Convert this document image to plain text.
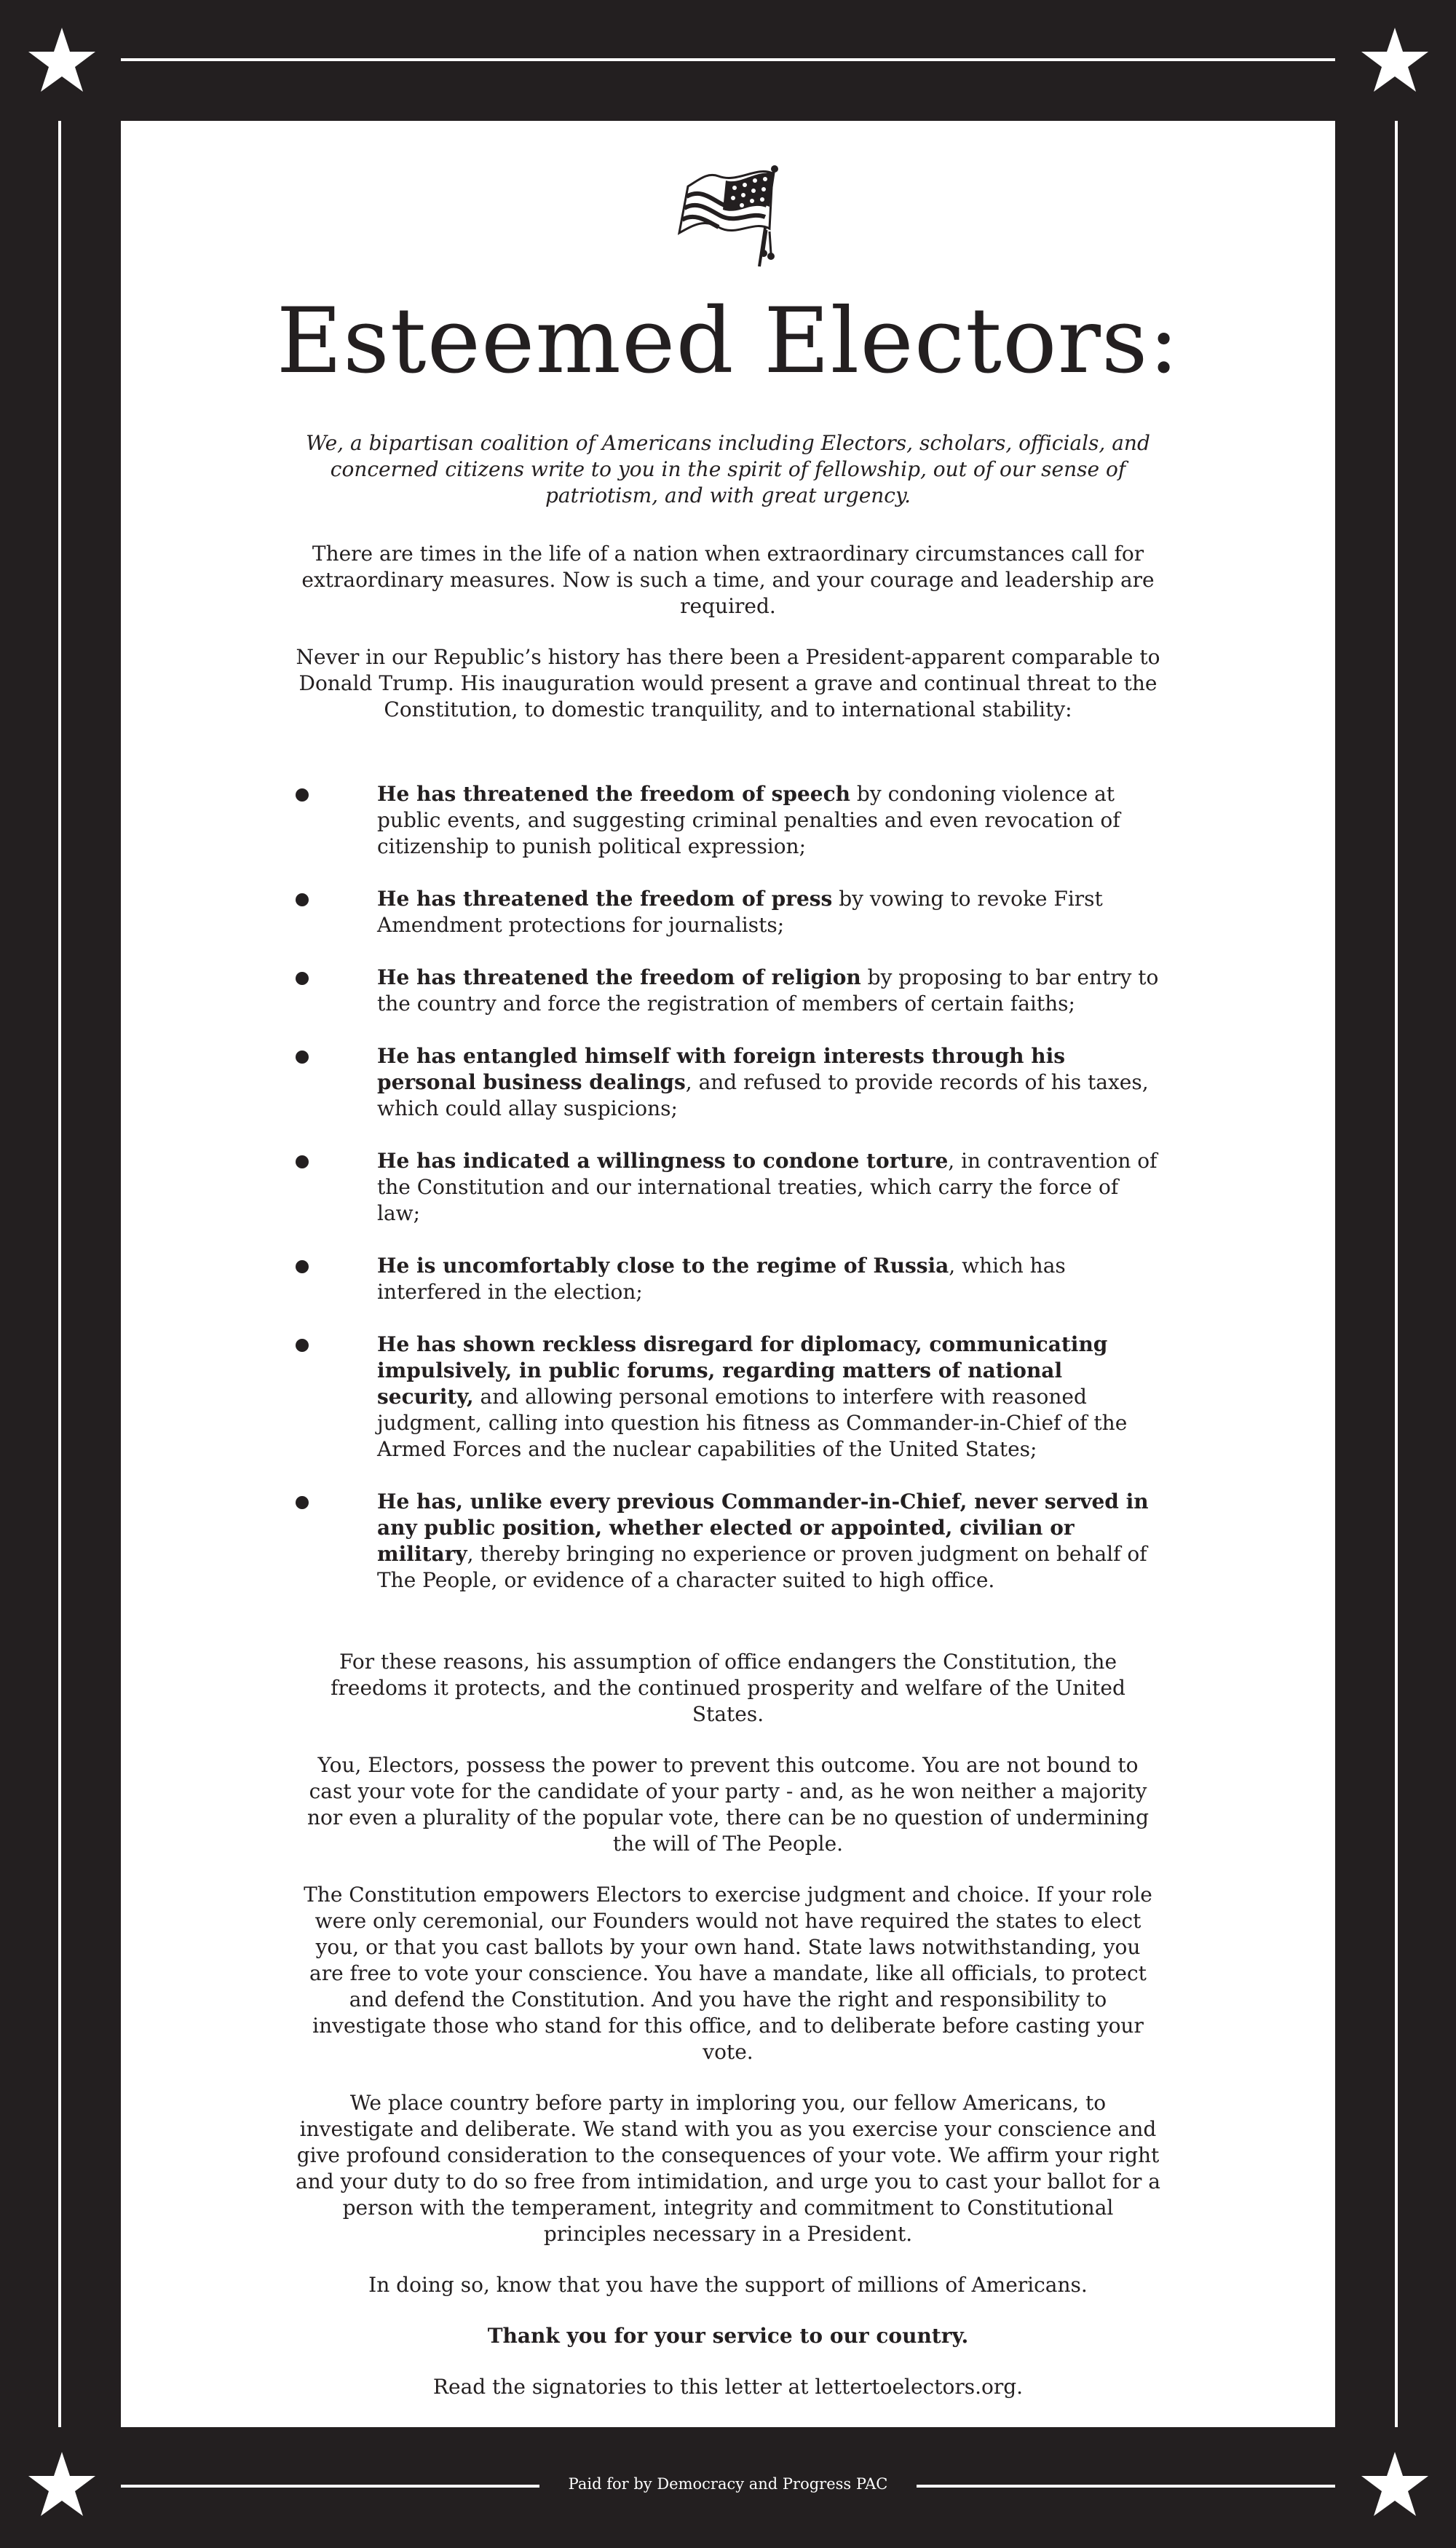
Esteemed Electors:

We, a bipartisan coalition of Americans including Electors, scholars, officials, and concerned citizens write to you in the spirit of fellowship, out of our sense of patriotism, and with great urgency.

There are times in the life of a nation when extraordinary circumstances call for extraordinary measures. Now is such a time, and your courage and leadership are required.

Never in our Republic’s history has there been a President-apparent comparable to Donald Trump. His inauguration would present a grave and continual threat to the Constitution, to domestic tranquility, and to international stability:

He has threatened the freedom of speech by condoning violence at public events, and suggesting criminal penalties and even revocation of citizenship to punish political expression;
He has threatened the freedom of press by vowing to revoke First Amendment protections for journalists;
He has threatened the freedom of religion by proposing to bar entry to the country and force the registration of members of certain faiths;
He has entangled himself with foreign interests through his personal business dealings, and refused to provide records of his taxes, which could allay suspicions;
He has indicated a willingness to condone torture, in contravention of the Constitution and our international treaties, which carry the force of law;
He is uncomfortably close to the regime of Russia, which has interfered in the election;
He has shown reckless disregard for diplomacy, communicating impulsively, in public forums, regarding matters of national security, and allowing personal emotions to interfere with reasoned judgment, calling into question his fitness as Commander-in-Chief of the Armed Forces and the nuclear capabilities of the United States;
He has, unlike every previous Commander-in-Chief, never served in any public position, whether elected or appointed, civilian or military, thereby bringing no experience or proven judgment on behalf of The People, or evidence of a character suited to high office.

For these reasons, his assumption of office endangers the Constitution, the freedoms it protects, and the continued prosperity and welfare of the United States.

You, Electors, possess the power to prevent this outcome. You are not bound to cast your vote for the candidate of your party - and, as he won neither a majority nor even a plurality of the popular vote, there can be no question of undermining the will of The People.

The Constitution empowers Electors to exercise judgment and choice. If your role were only ceremonial, our Founders would not have required the states to elect you, or that you cast ballots by your own hand. State laws notwithstanding, you are free to vote your conscience. You have a mandate, like all officials, to protect and defend the Constitution. And you have the right and responsibility to investigate those who stand for this office, and to deliberate before casting your vote.

We place country before party in imploring you, our fellow Americans, to investigate and deliberate. We stand with you as you exercise your conscience and give profound consideration to the consequences of your vote. We affirm your right and your duty to do so free from intimidation, and urge you to cast your ballot for a person with the temperament, integrity and commitment to Constitutional principles necessary in a President.

In doing so, know that you have the support of millions of Americans.

Thank you for your service to our country.

Read the signatories to this letter at lettertoelectors.org.

Paid for by Democracy and Progress PAC
